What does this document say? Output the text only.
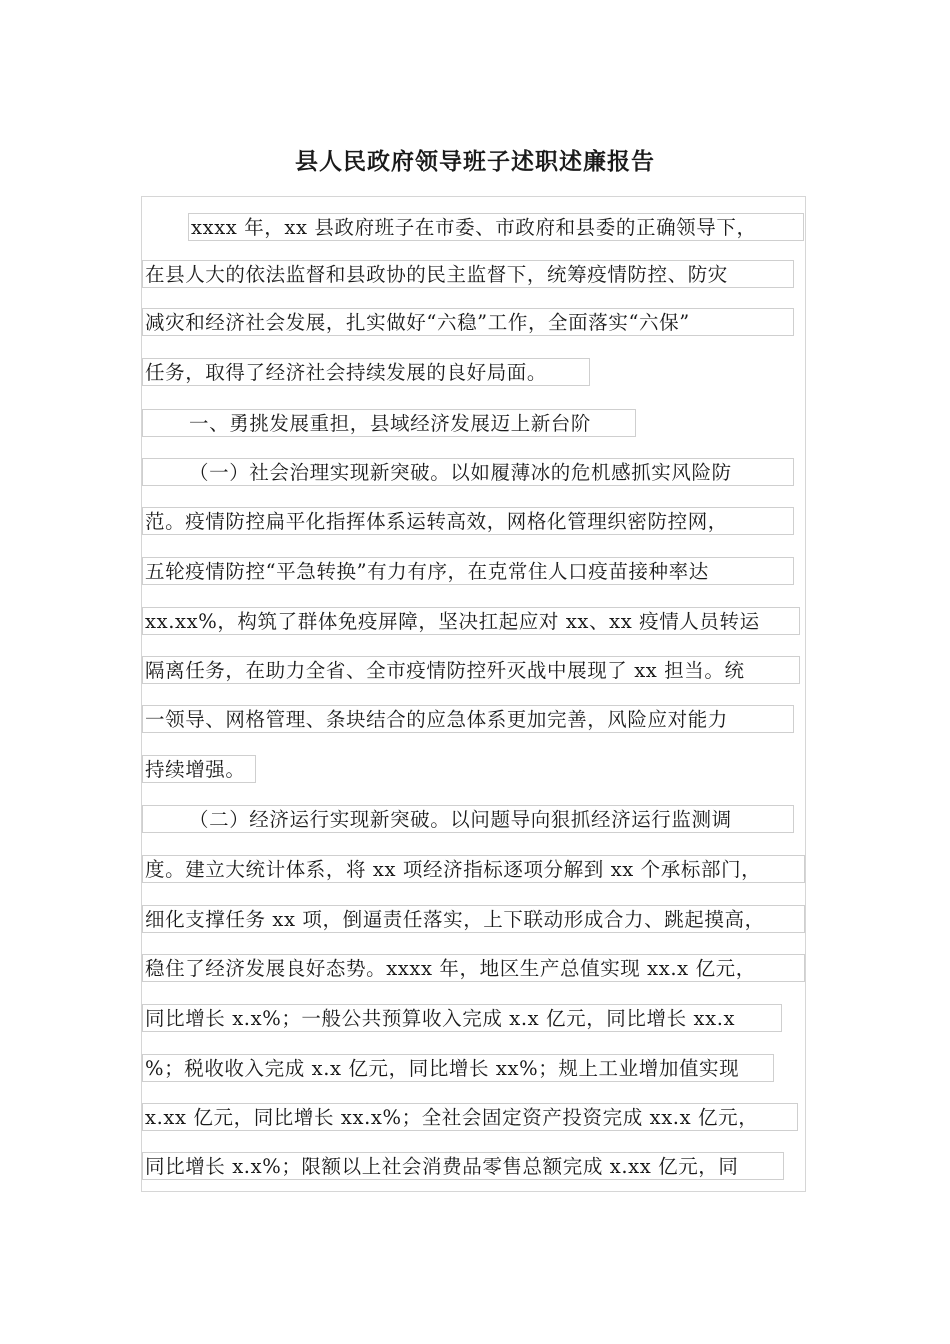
县人民政府领导班子述职述廉报告
xxxx 年，xx 县政府班子在市委、市政府和县委的正确领导下，
在县人大的依法监督和县政协的民主监督下，统筹疫情防控、防灾
减灾和经济社会发展，扎实做好“六稳”工作，全面落实“六保”
任务，取得了经济社会持续发展的良好局面。
一、勇挑发展重担，县域经济发展迈上新台阶
（一）社会治理实现新突破。以如履薄冰的危机感抓实风险防
范。疫情防控扁平化指挥体系运转高效，网格化管理织密防控网，
五轮疫情防控“平急转换”有力有序，在克常住人口疫苗接种率达
xx.xx%，构筑了群体免疫屏障，坚决扛起应对 xx、xx 疫情人员转运
隔离任务，在助力全省、全市疫情防控歼灭战中展现了 xx 担当。统
一领导、网格管理、条块结合的应急体系更加完善，风险应对能力
持续增强。
（二）经济运行实现新突破。以问题导向狠抓经济运行监测调
度。建立大统计体系，将 xx 项经济指标逐项分解到 xx 个承标部门，
细化支撑任务 xx 项，倒逼责任落实，上下联动形成合力、跳起摸高，
稳住了经济发展良好态势。xxxx 年，地区生产总值实现 xx.x 亿元，
同比增长 x.x%；一般公共预算收入完成 x.x 亿元，同比增长 xx.x
%；税收收入完成 x.x 亿元，同比增长 xx%；规上工业增加值实现
x.xx 亿元，同比增长 xx.x%；全社会固定资产投资完成 xx.x 亿元，
同比增长 x.x%；限额以上社会消费品零售总额完成 x.xx 亿元，同
